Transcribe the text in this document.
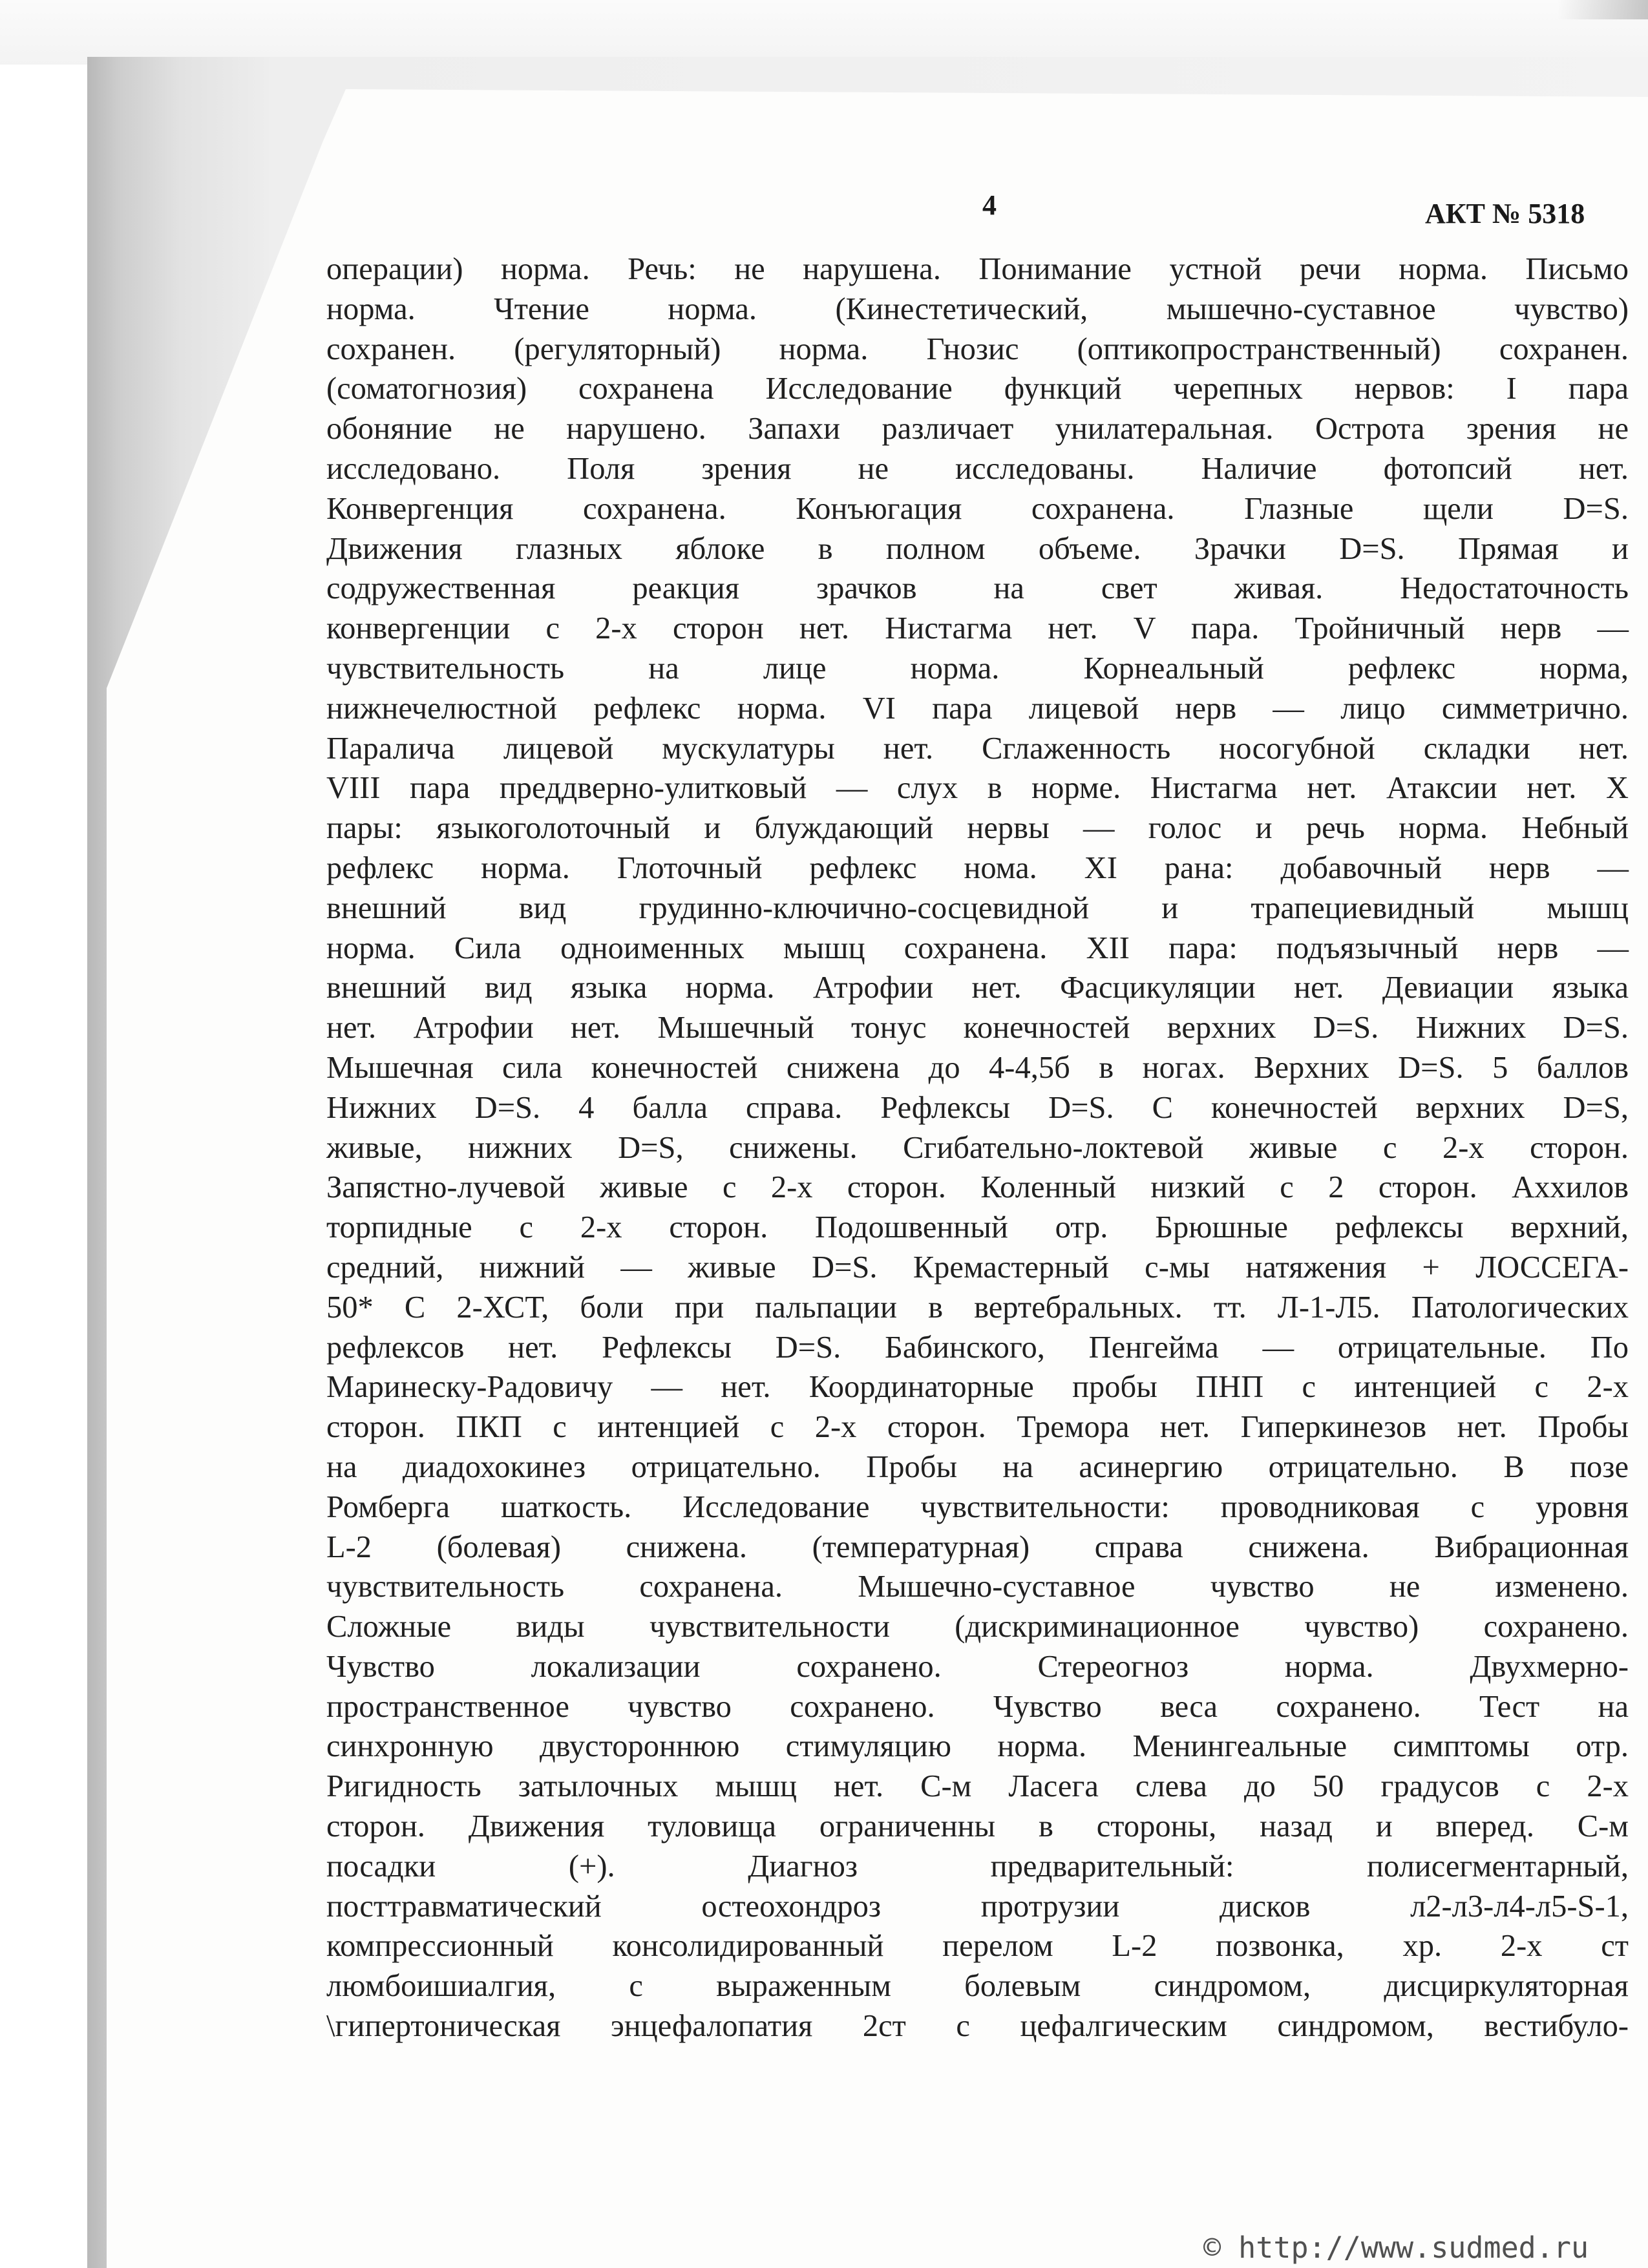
4	АКТ № 5318
операции) норма. Речь: не нарушена. Понимание устной речи норма. Письмо
норма. Чтение норма. (Кинестетический, мышечно-суставное чувство)
сохранен. (регуляторный) норма. Гнозис (оптикопространственный) сохранен.
(соматогнозия) сохранена Исследование функций черепных нервов: I пара
обоняние не нарушено. Запахи различает унилатеральная. Острота зрения не
исследовано. Поля зрения не исследованы. Наличие фотопсий нет.
Конвергенция сохранена. Конъюгация сохранена. Глазные щели D=S.
Движения глазных яблоке в полном объеме. Зрачки D=S. Прямая и
содружественная реакция зрачков на свет живая. Недостаточность
конвергенции с 2-х сторон нет. Нистагма нет. V пара. Тройничный нерв —
чувствительность на лице норма. Корнеальный рефлекс норма,
нижнечелюстной рефлекс норма. VI пара лицевой нерв — лицо симметрично.
Паралича лицевой мускулатуры нет. Сглаженность носогубной складки нет.
VIII пара преддверно-улитковый — слух в норме. Нистагма нет. Атаксии нет. X
пары: языкоголоточный и блуждающий нервы — голос и речь норма. Небный
рефлекс норма. Глоточный рефлекс нома. XI рана: добавочный нерв —
внешний вид грудинно-ключично-сосцевидной и трапециевидный мышц
норма. Сила одноименных мышц сохранена. XII пара: подъязычный нерв —
внешний вид языка норма. Атрофии нет. Фасцикуляции нет. Девиации языка
нет. Атрофии нет. Мышечный тонус конечностей верхних D=S. Нижних D=S.
Мышечная сила конечностей снижена до 4-4,5б в ногах. Верхних D=S. 5 баллов
Нижних D=S. 4 балла справа. Рефлексы D=S. С конечностей верхних D=S,
живые, нижних D=S, снижены. Сгибательно-локтевой живые с 2-х сторон.
Запястно-лучевой живые с 2-х сторон. Коленный низкий с 2 сторон. Аххилов
торпидные с 2-х сторон. Подошвенный отр. Брюшные рефлексы верхний,
средний, нижний — живые D=S. Кремастерный с-мы натяжения + ЛОССЕГА-
50* С 2-ХСТ, боли при пальпации в вертебральных. тт. Л-1-Л5. Патологических
рефлексов нет. Рефлексы D=S. Бабинского, Пенгейма — отрицательные. По
Маринеску-Радовичу — нет. Координаторные пробы ПНП с интенцией с 2-х
сторон. ПКП с интенцией с 2-х сторон. Тремора нет. Гиперкинезов нет. Пробы
на диадохокинез отрицательно. Пробы на асинергию отрицательно. В позе
Ромберга шаткость. Исследование чувствительности: проводниковая с уровня
L-2 (болевая) снижена. (температурная) справа снижена. Вибрационная
чувствительность сохранена. Мышечно-суставное чувство не изменено.
Сложные виды чувствительности (дискриминационное чувство) сохранено.
Чувство локализации сохранено. Стереогноз норма. Двухмерно-
пространственное чувство сохранено. Чувство веса сохранено. Тест на
синхронную двустороннюю стимуляцию норма. Менингеальные симптомы отр.
Ригидность затылочных мышц нет. С-м Ласега слева до 50 градусов с 2-х
сторон. Движения туловища ограниченны в стороны, назад и вперед. С-м
посадки (+). Диагноз предварительный: полисегментарный,
посттравматический остеохондроз протрузии дисков л2-л3-л4-л5-S-1,
компрессионный консолидированный перелом L-2 позвонка, хр. 2-х ст
люмбоишиалгия, с выраженным болевым синдромом, дисциркуляторная
\гипертоническая энцефалопатия 2ст с цефалгическим синдромом, вестибуло-
© http://www.sudmed.ru
